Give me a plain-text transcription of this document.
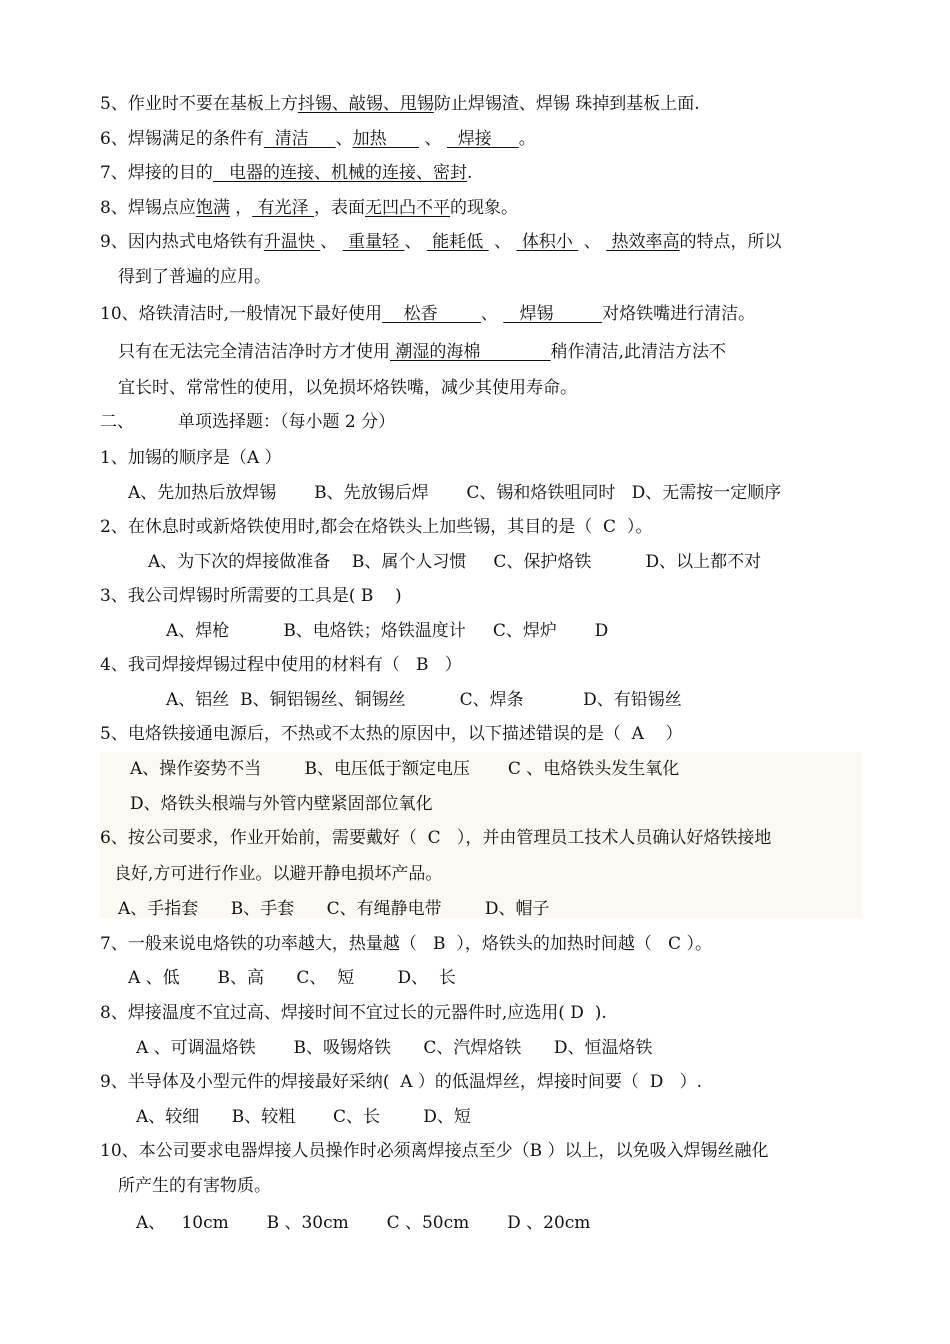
5、作业时不要在基板上方抖锡、敲锡、甩锡防止焊锡渣、焊锡 珠掉到基板上面.
6、焊锡满足的条件有  清洁     、加热       、   焊接     。
7、焊接的目的   电器的连接、机械的连接、密封.
8、焊锡点应饱满 ， 有光泽 ，表面无凹凸不平的现象。
9、因内热式电烙铁有升温快 、  重量轻 、  能耗低  、  体积小  、  热效率高的特点，所以
得到了普遍的应用。
10、烙铁清洁时,一般情况下最好使用    松香        、    焊锡         对烙铁嘴进行清洁。
只有在无法完全清洁洁净时方才使用 潮湿的海棉             稍作清洁,此清洁方法不
宜长时、常常性的使用，以免损坏烙铁嘴，减少其使用寿命。
二、	单项选择题：（每小题 2 分）
1、加锡的顺序是（A ）
A、先加热后放焊锡       B、先放锡后焊       C、锡和烙铁咀同时   D、无需按一定顺序
2、在休息时或新烙铁使用时,都会在烙铁头上加些锡，其目的是（  C  ）。
A、为下次的焊接做准备    B、属个人习惯     C、保护烙铁          D、以上都不对
3、我公司焊锡时所需要的工具是( B    )
A、焊枪          B、电烙铁；烙铁温度计     C、焊炉       D
4、我司焊接焊锡过程中使用的材料有（   B   ）
A、铝丝  B、铜铝锡丝、铜锡丝          C、焊条           D、有铅锡丝
5、电烙铁接通电源后，不热或不太热的原因中，以下描述错误的是（  A    ）
A、操作姿势不当        B、电压低于额定电压       C 、电烙铁头发生氧化
D、烙铁头根端与外管内壁紧固部位氧化
6、按公司要求，作业开始前，需要戴好（  C   ），并由管理员工技术人员确认好烙铁接地
良好,方可进行作业。以避开静电损坏产品。
A、手指套      B、手套      C、有绳静电带        D、帽子
7、一般来说电烙铁的功率越大，热量越（   B  ），烙铁头的加热时间越（   C ）。
A 、低       B、高      C、  短        D、  长
8、焊接温度不宜过高、焊接时间不宜过长的元器件时,应选用( D  ).
A 、可调温烙铁       B、吸锡烙铁      C、汽焊烙铁      D、恒温烙铁
9、半导体及小型元件的焊接最好采纳(  A ）的低温焊丝，焊接时间要（  D   ）.
A、较细      B、较粗       C、长        D、短
10、本公司要求电器焊接人员操作时必须离焊接点至少（B ）以上，以免吸入焊锡丝融化
所产生的有害物质。
A、   10cm       B 、30cm       C 、50cm       D 、20cm
